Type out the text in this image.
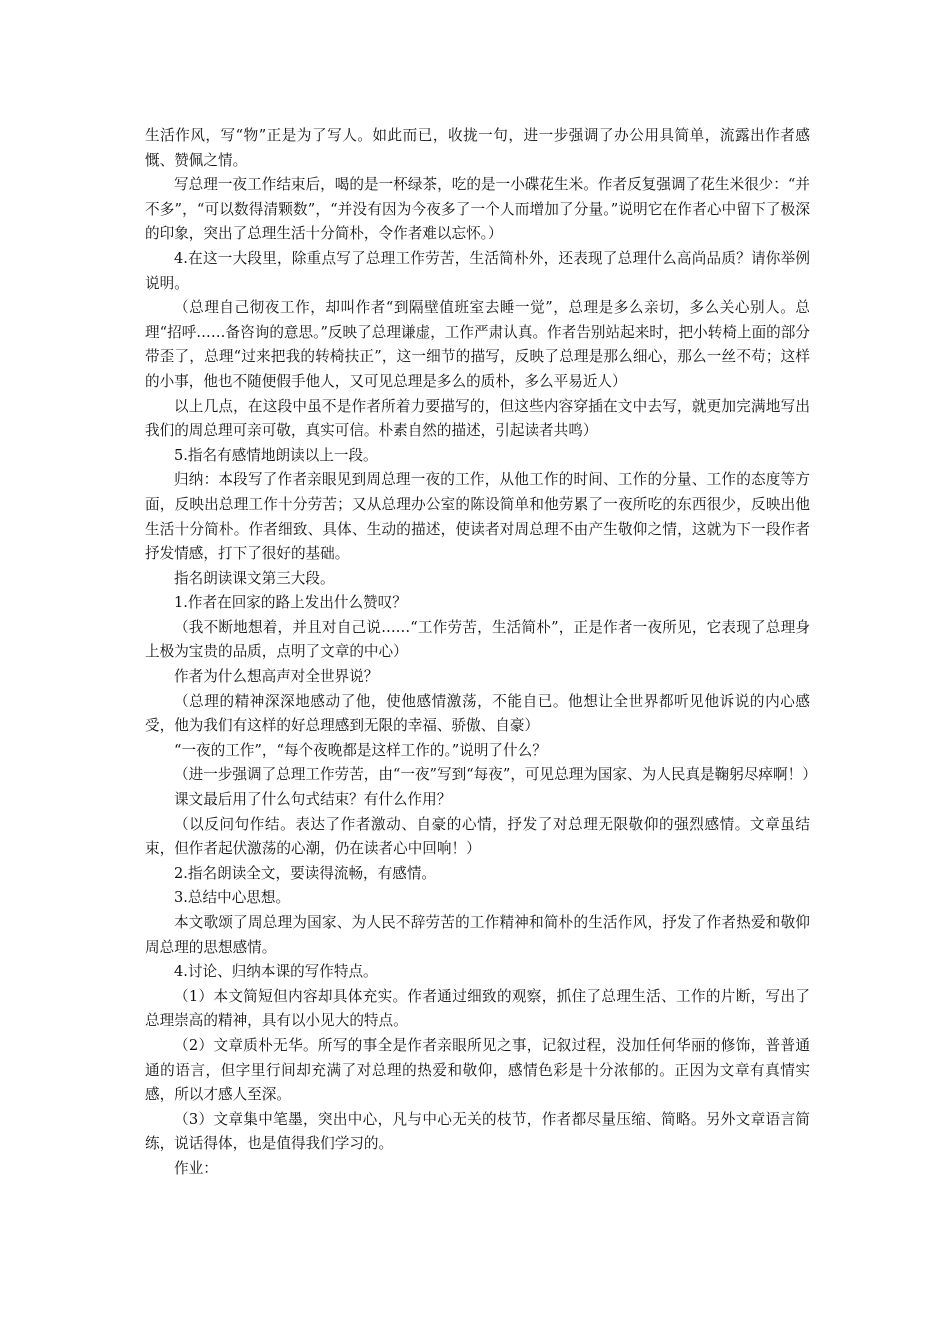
生活作风，写“物”正是为了写人。如此而已，收拢一句，进一步强调了办公用具简单，流露出作者感慨、赞佩之情。

写总理一夜工作结束后，喝的是一杯绿茶，吃的是一小碟花生米。作者反复强调了花生米很少：“并不多”，“可以数得清颗数”，“并没有因为今夜多了一个人而增加了分量。”说明它在作者心中留下了极深的印象，突出了总理生活十分简朴，令作者难以忘怀。）

4.在这一大段里，除重点写了总理工作劳苦，生活简朴外，还表现了总理什么高尚品质？请你举例说明。

（总理自己彻夜工作，却叫作者“到隔壁值班室去睡一觉”，总理是多么亲切，多么关心别人。总理“招呼……备咨询的意思。”反映了总理谦虚，工作严肃认真。作者告别站起来时，把小转椅上面的部分带歪了，总理“过来把我的转椅扶正”，这一细节的描写，反映了总理是那么细心，那么一丝不苟；这样的小事，他也不随便假手他人，又可见总理是多么的质朴，多么平易近人）

以上几点，在这段中虽不是作者所着力要描写的，但这些内容穿插在文中去写，就更加完满地写出我们的周总理可亲可敬，真实可信。朴素自然的描述，引起读者共鸣）

5.指名有感情地朗读以上一段。

归纳：本段写了作者亲眼见到周总理一夜的工作，从他工作的时间、工作的分量、工作的态度等方面，反映出总理工作十分劳苦；又从总理办公室的陈设简单和他劳累了一夜所吃的东西很少，反映出他生活十分简朴。作者细致、具体、生动的描述，使读者对周总理不由产生敬仰之情，这就为下一段作者抒发情感，打下了很好的基础。

指名朗读课文第三大段。

1.作者在回家的路上发出什么赞叹？

（我不断地想着，并且对自己说……“工作劳苦，生活简朴”，正是作者一夜所见，它表现了总理身上极为宝贵的品质，点明了文章的中心）

作者为什么想高声对全世界说？

（总理的精神深深地感动了他，使他感情激荡，不能自已。他想让全世界都听见他诉说的内心感受，他为我们有这样的好总理感到无限的幸福、骄傲、自豪）

“一夜的工作”，“每个夜晚都是这样工作的。”说明了什么？

（进一步强调了总理工作劳苦，由“一夜”写到“每夜”，可见总理为国家、为人民真是鞠躬尽瘁啊！）

课文最后用了什么句式结束？有什么作用？

（以反问句作结。表达了作者激动、自豪的心情，抒发了对总理无限敬仰的强烈感情。文章虽结束，但作者起伏激荡的心潮，仍在读者心中回响！）

2.指名朗读全文，要读得流畅，有感情。

3.总结中心思想。

本文歌颂了周总理为国家、为人民不辞劳苦的工作精神和简朴的生活作风，抒发了作者热爱和敬仰周总理的思想感情。

4.讨论、归纳本课的写作特点。

（1）本文简短但内容却具体充实。作者通过细致的观察，抓住了总理生活、工作的片断，写出了总理崇高的精神，具有以小见大的特点。

（2）文章质朴无华。所写的事全是作者亲眼所见之事，记叙过程，没加任何华丽的修饰，普普通通的语言，但字里行间却充满了对总理的热爱和敬仰，感情色彩是十分浓郁的。正因为文章有真情实感，所以才感人至深。

（3）文章集中笔墨，突出中心，凡与中心无关的枝节，作者都尽量压缩、简略。另外文章语言简练，说话得体，也是值得我们学习的。

作业：
